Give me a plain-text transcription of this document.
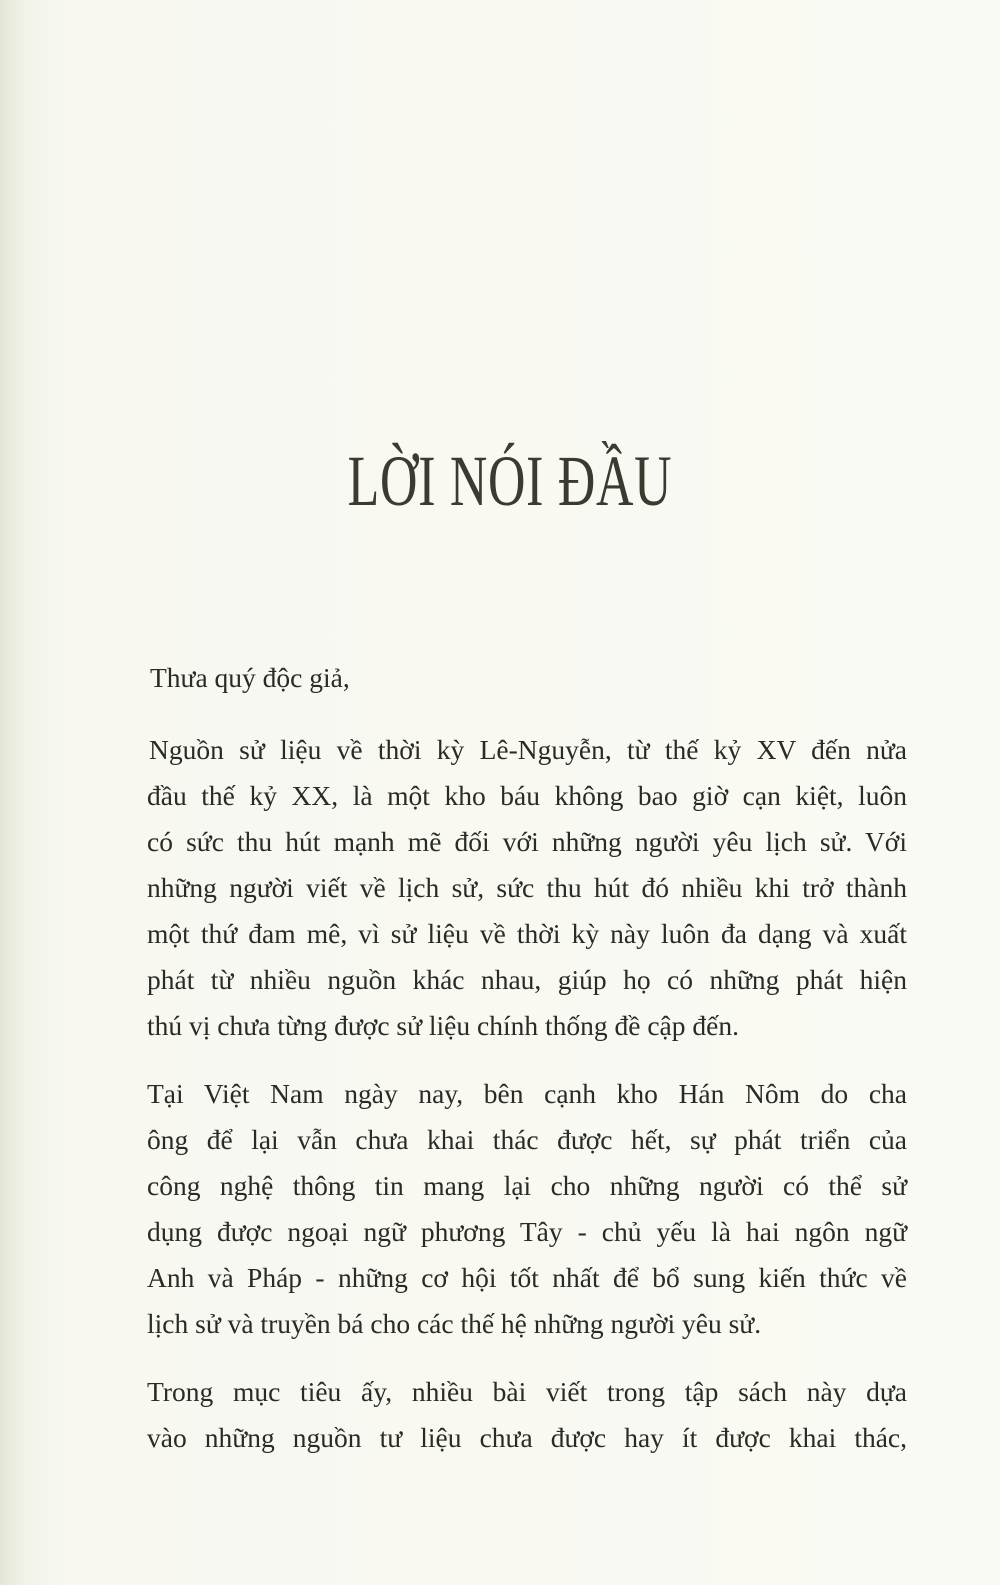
LỜI NÓI ĐẦU
Thưa quý độc giả,
Nguồn sử liệu về thời kỳ Lê-Nguyễn, từ thế kỷ XV đến nửa
đầu thế kỷ XX, là một kho báu không bao giờ cạn kiệt, luôn
có sức thu hút mạnh mẽ đối với những người yêu lịch sử. Với
những người viết về lịch sử, sức thu hút đó nhiều khi trở thành
một thứ đam mê, vì sử liệu về thời kỳ này luôn đa dạng và xuất
phát từ nhiều nguồn khác nhau, giúp họ có những phát hiện
thú vị chưa từng được sử liệu chính thống đề cập đến.
Tại Việt Nam ngày nay, bên cạnh kho Hán Nôm do cha
ông để lại vẫn chưa khai thác được hết, sự phát triển của
công nghệ thông tin mang lại cho những người có thể sử
dụng được ngoại ngữ phương Tây - chủ yếu là hai ngôn ngữ
Anh và Pháp - những cơ hội tốt nhất để bổ sung kiến thức về
lịch sử và truyền bá cho các thế hệ những người yêu sử.
Trong mục tiêu ấy, nhiều bài viết trong tập sách này dựa
vào những nguồn tư liệu chưa được hay ít được khai thác,
